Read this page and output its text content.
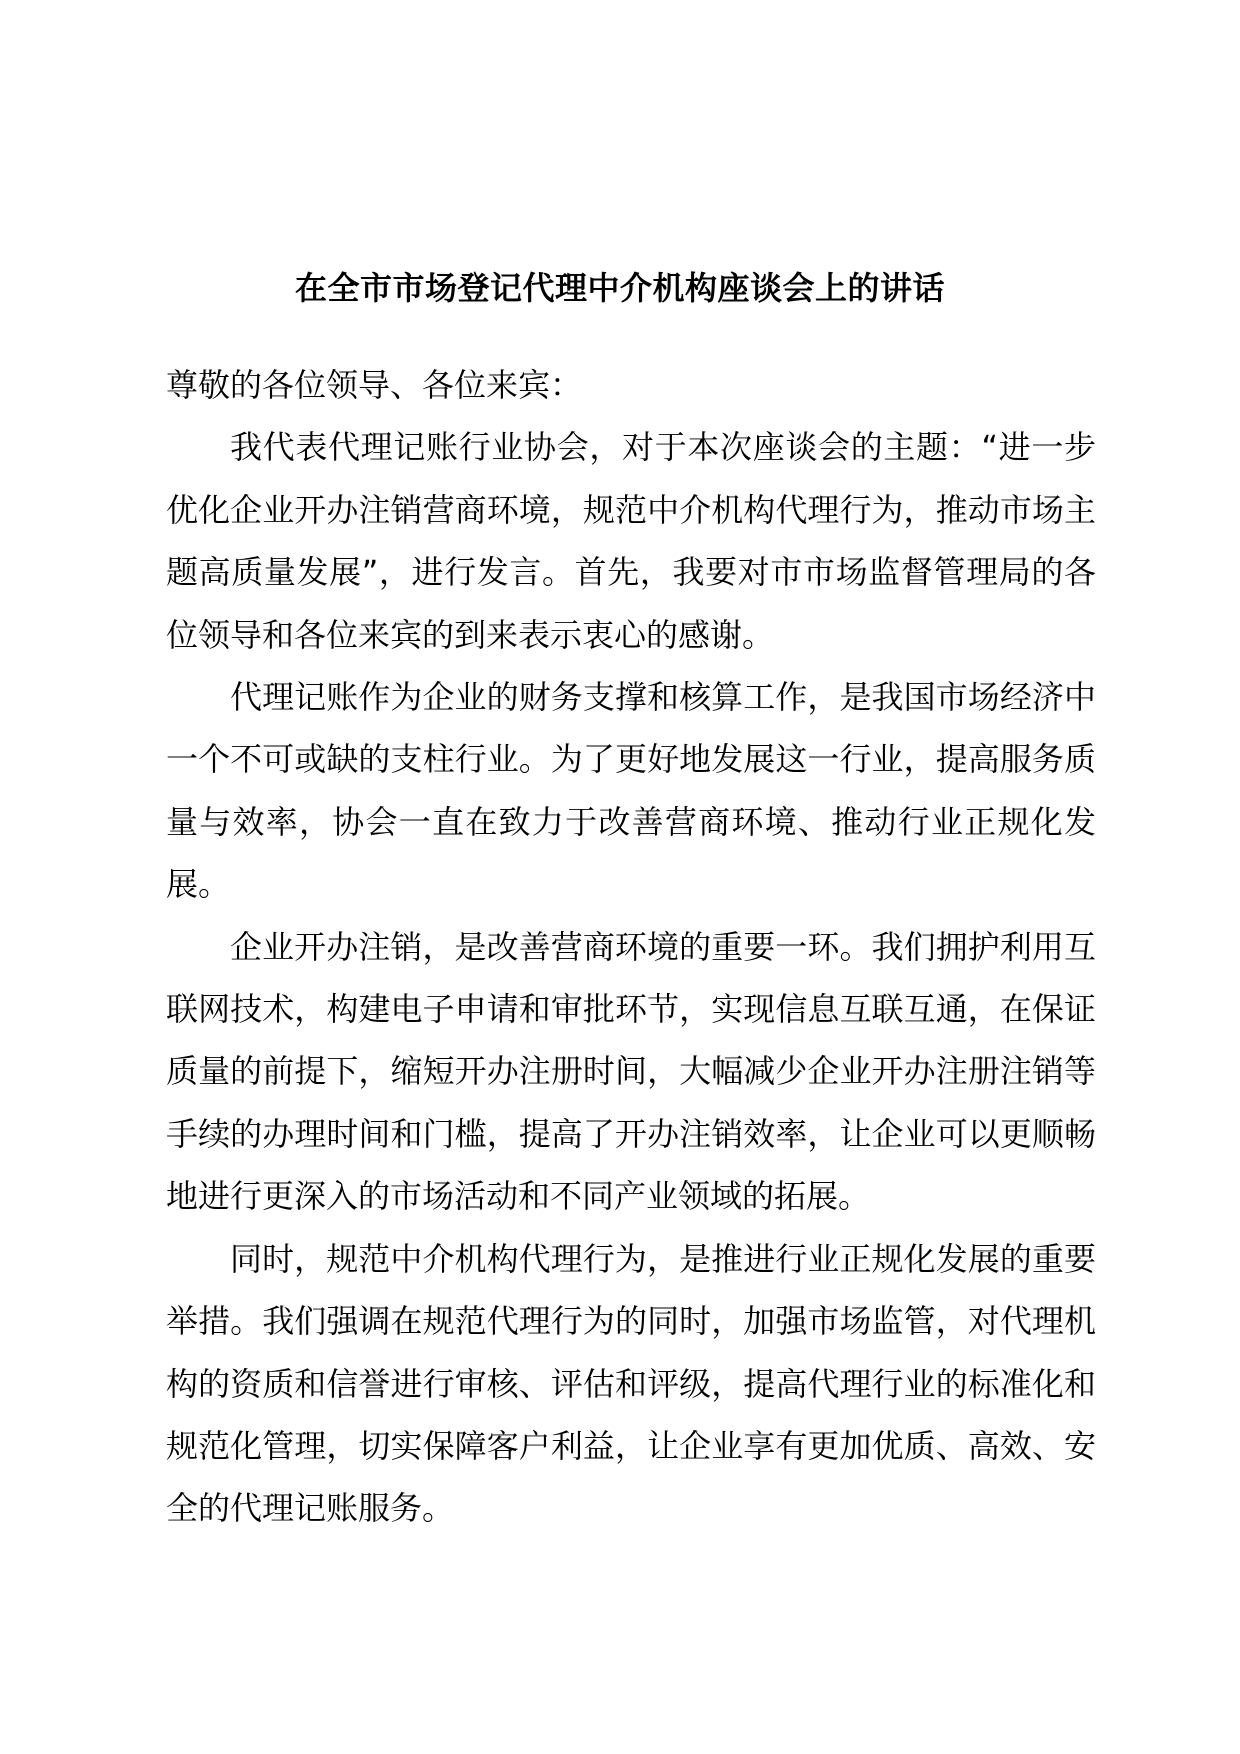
在全市市场登记代理中介机构座谈会上的讲话

尊敬的各位领导、各位来宾：

我代表代理记账行业协会，对于本次座谈会的主题：“进一步优化企业开办注销营商环境，规范中介机构代理行为，推动市场主题高质量发展”，进行发言。首先，我要对市市场监督管理局的各位领导和各位来宾的到来表示衷心的感谢。

代理记账作为企业的财务支撑和核算工作，是我国市场经济中一个不可或缺的支柱行业。为了更好地发展这一行业，提高服务质量与效率，协会一直在致力于改善营商环境、推动行业正规化发展。

企业开办注销，是改善营商环境的重要一环。我们拥护利用互联网技术，构建电子申请和审批环节，实现信息互联互通，在保证质量的前提下，缩短开办注册时间，大幅减少企业开办注册注销等手续的办理时间和门槛，提高了开办注销效率，让企业可以更顺畅地进行更深入的市场活动和不同产业领域的拓展。

同时，规范中介机构代理行为，是推进行业正规化发展的重要举措。我们强调在规范代理行为的同时，加强市场监管，对代理机构的资质和信誉进行审核、评估和评级，提高代理行业的标准化和规范化管理，切实保障客户利益，让企业享有更加优质、高效、安全的代理记账服务。
